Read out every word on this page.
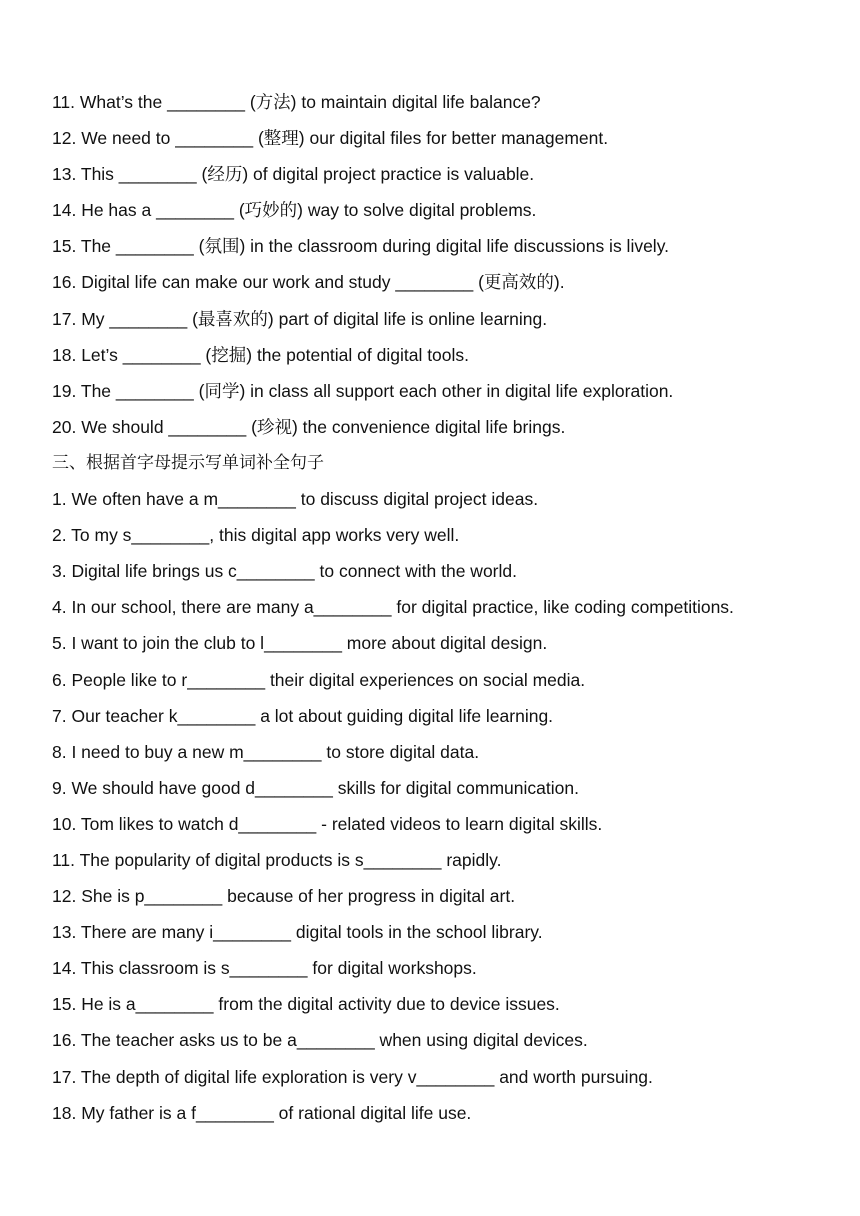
11. What’s the ________ (方法) to maintain digital life balance?
12. We need to ________ (整理) our digital files for better management.
13. This ________ (经历) of digital project practice is valuable.
14. He has a ________ (巧妙的) way to solve digital problems.
15. The ________ (氛围) in the classroom during digital life discussions is lively.
16. Digital life can make our work and study ________ (更高效的).
17. My ________ (最喜欢的) part of digital life is online learning.
18. Let’s ________ (挖掘) the potential of digital tools.
19. The ________ (同学) in class all support each other in digital life exploration.
20. We should ________ (珍视) the convenience digital life brings.
三、根据首字母提示写单词补全句子
1. We often have a m________ to discuss digital project ideas.
2. To my s________, this digital app works very well.
3. Digital life brings us c________ to connect with the world.
4. In our school, there are many a________ for digital practice, like coding competitions.
5. I want to join the club to l________ more about digital design.
6. People like to r________ their digital experiences on social media.
7. Our teacher k________ a lot about guiding digital life learning.
8. I need to buy a new m________ to store digital data.
9. We should have good d________ skills for digital communication.
10. Tom likes to watch d________ - related videos to learn digital skills.
11. The popularity of digital products is s________ rapidly.
12. She is p________ because of her progress in digital art.
13. There are many i________ digital tools in the school library.
14. This classroom is s________ for digital workshops.
15. He is a________ from the digital activity due to device issues.
16. The teacher asks us to be a________ when using digital devices.
17. The depth of digital life exploration is very v________ and worth pursuing.
18. My father is a f________ of rational digital life use.
